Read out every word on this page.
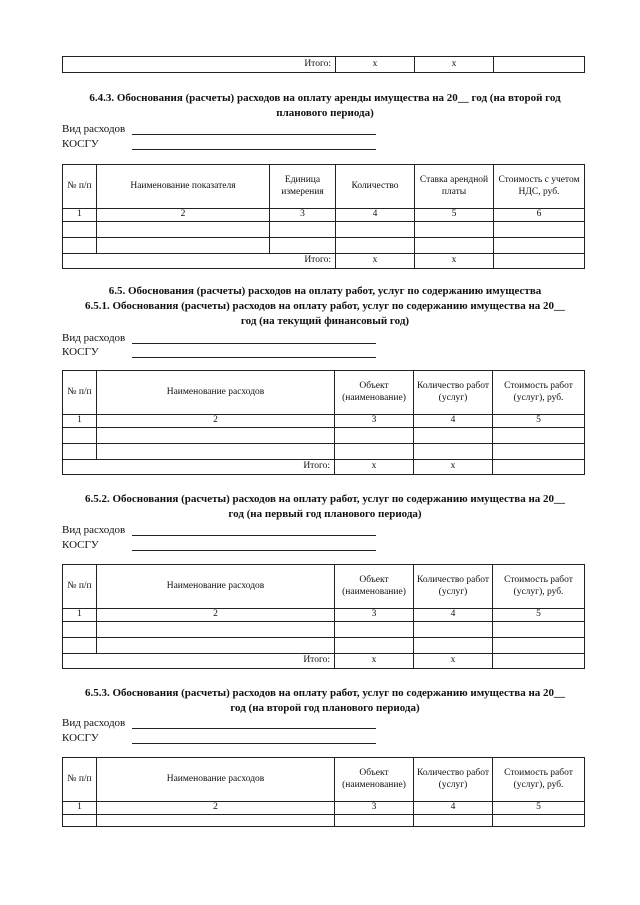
Итого:	x	x	
6.4.3. Обоснования (расчеты) расходов на оплату аренды имущества на 20__ год (на второй год
планового периода)
Вид расходов
КОСГУ
№ п/п	Наименование показателя	Единица измерения	Количество	Ставка арендной платы	Стоимость с учетом НДС, руб.
1	2	3	4	5	6

Итого:			x	x	
6.5. Обоснования (расчеты) расходов на оплату работ, услуг по содержанию имущества
6.5.1. Обоснования (расчеты) расходов на оплату работ, услуг по содержанию имущества на 20__
год (на текущий финансовый год)
Вид расходов
КОСГУ
№ п/п	Наименование расходов	Объект (наименование)	Количество работ (услуг)	Стоимость работ (услуг), руб.
1	2	3	4	5

Итого:		x	x	
6.5.2. Обоснования (расчеты) расходов на оплату работ, услуг по содержанию имущества на 20__
год (на первый год планового периода)
Вид расходов
КОСГУ
№ п/п	Наименование расходов	Объект (наименование)	Количество работ (услуг)	Стоимость работ (услуг), руб.
1	2	3	4	5

Итого:		x	x	
6.5.3. Обоснования (расчеты) расходов на оплату работ, услуг по содержанию имущества на 20__
год (на второй год планового периода)
Вид расходов
КОСГУ
№ п/п	Наименование расходов	Объект (наименование)	Количество работ (услуг)	Стоимость работ (услуг), руб.
1	2	3	4	5
